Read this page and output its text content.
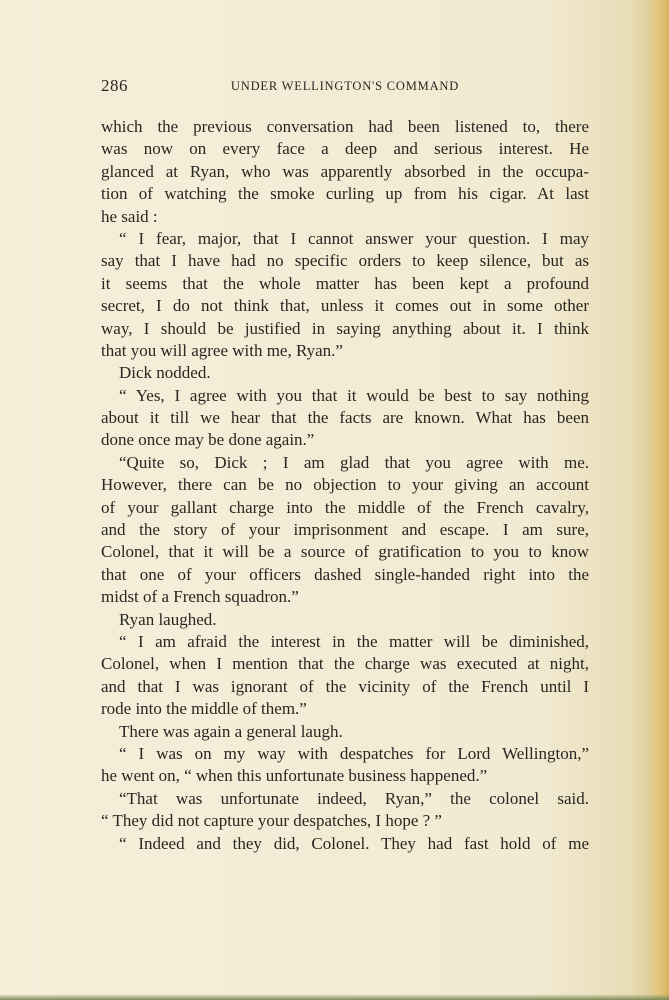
286	UNDER WELLINGTON'S COMMAND
which the previous conversation had been listened to, there
was now on every face a deep and serious interest. He
glanced at Ryan, who was apparently absorbed in the occupa-
tion of watching the smoke curling up from his cigar. At last
he said :
“ I fear, major, that I cannot answer your question. I may
say that I have had no specific orders to keep silence, but as
it seems that the whole matter has been kept a profound
secret, I do not think that, unless it comes out in some other
way, I should be justified in saying anything about it. I think
that you will agree with me, Ryan.”
Dick nodded.
“ Yes, I agree with you that it would be best to say nothing
about it till we hear that the facts are known. What has been
done once may be done again.”
“Quite so, Dick ; I am glad that you agree with me.
However, there can be no objection to your giving an account
of your gallant charge into the middle of the French cavalry,
and the story of your imprisonment and escape. I am sure,
Colonel, that it will be a source of gratification to you to know
that one of your officers dashed single-handed right into the
midst of a French squadron.”
Ryan laughed.
“ I am afraid the interest in the matter will be diminished,
Colonel, when I mention that the charge was executed at night,
and that I was ignorant of the vicinity of the French until I
rode into the middle of them.”
There was again a general laugh.
“ I was on my way with despatches for Lord Wellington,”
he went on, “ when this unfortunate business happened.”
“That was unfortunate indeed, Ryan,” the colonel said.
“ They did not capture your despatches, I hope ? ”
“ Indeed and they did, Colonel. They had fast hold of me
